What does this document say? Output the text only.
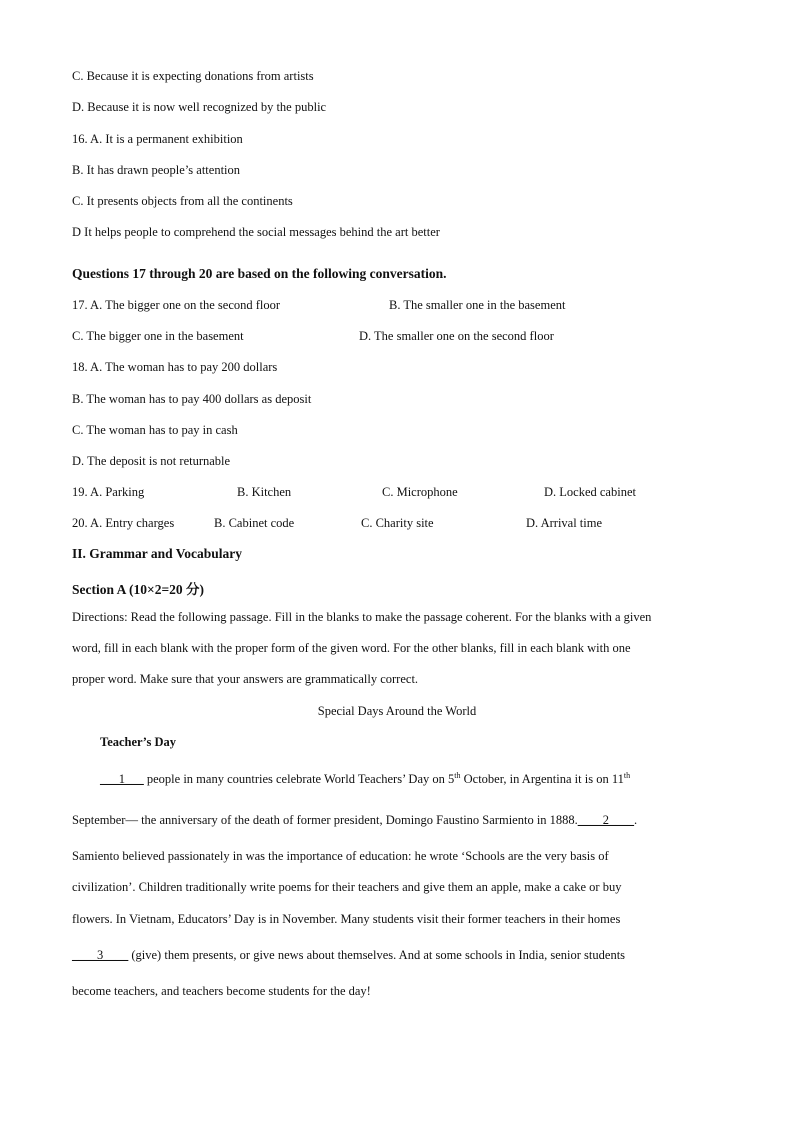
C. Because it is expecting donations from artists
D. Because it is now well recognized by the public
16. A. It is a permanent exhibition
B. It has drawn people’s attention
C. It presents objects from all the continents
D It helps people to comprehend the social messages behind the art better
Questions 17 through 20 are based on the following conversation.
17. A. The bigger one on the second floor	B. The smaller one in the basement
C. The bigger one in the basement	D. The smaller one on the second floor
18. A. The woman has to pay 200 dollars
B. The woman has to pay 400 dollars as deposit
C. The woman has to pay in cash
D. The deposit is not returnable
19. A. Parking	B. Kitchen	C. Microphone	D. Locked cabinet
20. A. Entry charges	B. Cabinet code	C. Charity site	D. Arrival time
II. Grammar and Vocabulary
Section A (10×2=20 分)
Directions: Read the following passage. Fill in the blanks to make the passage coherent. For the blanks with a given
word, fill in each blank with the proper form of the given word. For the other blanks, fill in each blank with one
proper word. Make sure that your answers are grammatically correct.
Special Days Around the World
Teacher’s Day
___1___ people in many countries celebrate World Teachers’ Day on 5th October, in Argentina it is on 11th
September— the anniversary of the death of former president, Domingo Faustino Sarmiento in 1888.____2____.
Samiento believed passionately in was the importance of education: he wrote ‘Schools are the very basis of
civilization’. Children traditionally write poems for their teachers and give them an apple, make a cake or buy
flowers. In Vietnam, Educators’ Day is in November. Many students visit their former teachers in their homes
____3____ (give) them presents, or give news about themselves. And at some schools in India, senior students
become teachers, and teachers become students for the day!
